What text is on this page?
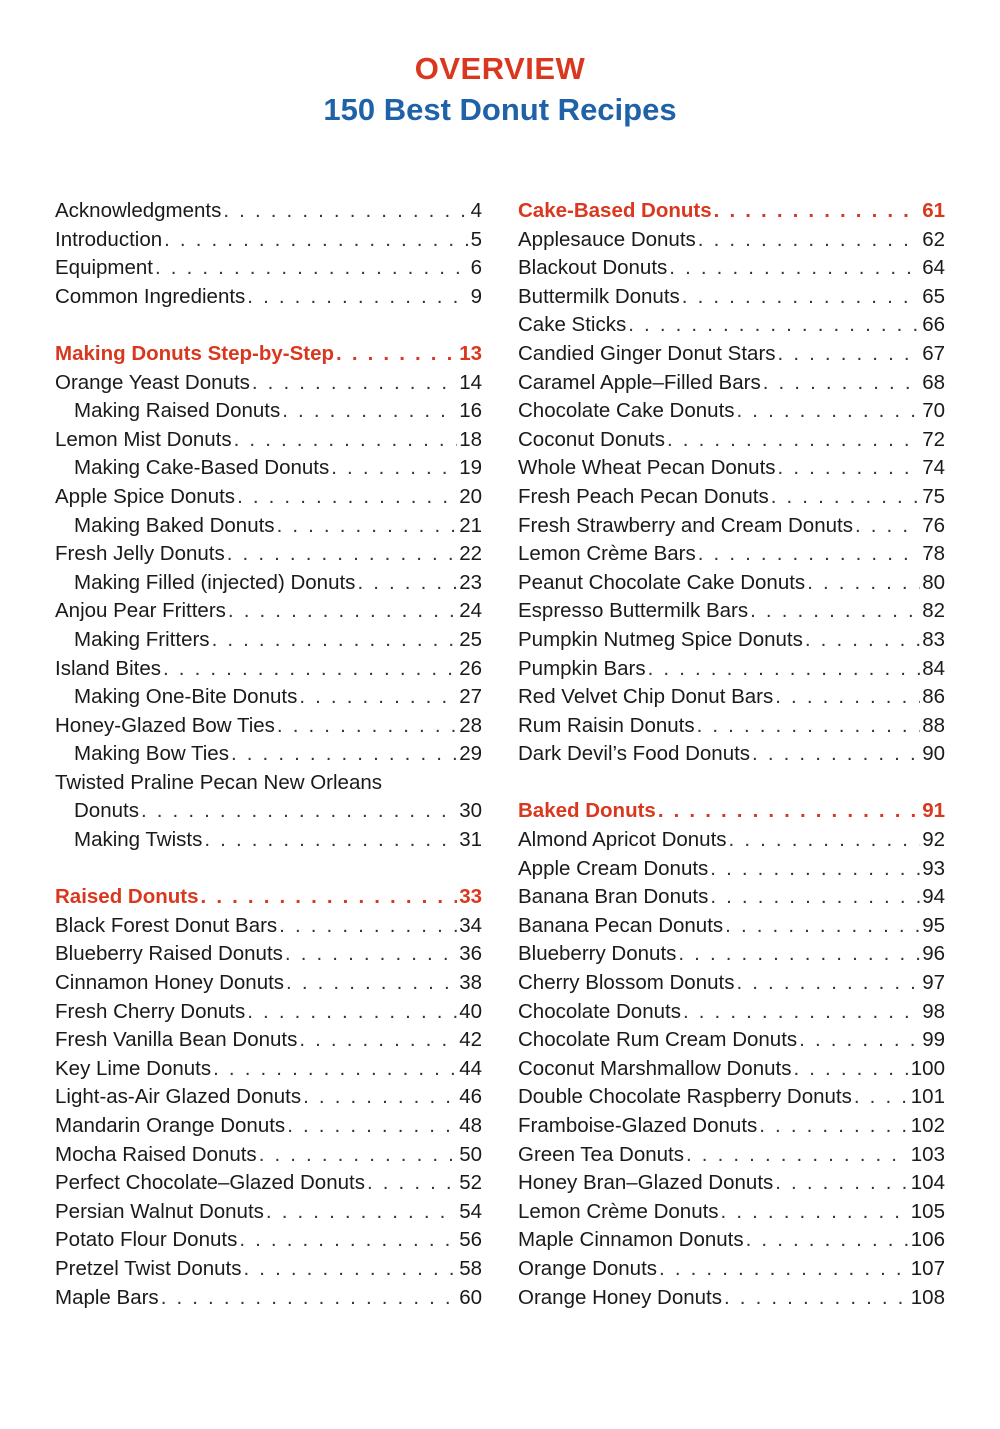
OVERVIEW
150 Best Donut Recipes
Acknowledgments . . .	4
Introduction . . .	5
Equipment . . .	6
Common Ingredients . . .	9
Making Donuts Step-by-Step . . .	13
Orange Yeast Donuts . . .	14
Making Raised Donuts . . .	16
Lemon Mist Donuts . . .	18
Making Cake-Based Donuts . . .	19
Apple Spice Donuts . . .	20
Making Baked Donuts . . .	21
Fresh Jelly Donuts . . .	22
Making Filled (injected) Donuts . . .	23
Anjou Pear Fritters . . .	24
Making Fritters . . .	25
Island Bites . . .	26
Making One-Bite Donuts . . .	27
Honey-Glazed Bow Ties . . .	28
Making Bow Ties . . .	29
Twisted Praline Pecan New Orleans
Donuts . . .	30
Making Twists . . .	31
Raised Donuts . . .	33
Black Forest Donut Bars . . .	34
Blueberry Raised Donuts . . .	36
Cinnamon Honey Donuts . . .	38
Fresh Cherry Donuts . . .	40
Fresh Vanilla Bean Donuts . . .	42
Key Lime Donuts . . .	44
Light-as-Air Glazed Donuts . . .	46
Mandarin Orange Donuts . . .	48
Mocha Raised Donuts . . .	50
Perfect Chocolate–Glazed Donuts . . .	52
Persian Walnut Donuts . . .	54
Potato Flour Donuts . . .	56
Pretzel Twist Donuts . . .	58
Maple Bars . . .	60
Cake-Based Donuts . . .	61
Applesauce Donuts . . .	62
Blackout Donuts . . .	64
Buttermilk Donuts . . .	65
Cake Sticks . . .	66
Candied Ginger Donut Stars . . .	67
Caramel Apple–Filled Bars . . .	68
Chocolate Cake Donuts . . .	70
Coconut Donuts . . .	72
Whole Wheat Pecan Donuts . . .	74
Fresh Peach Pecan Donuts . . .	75
Fresh Strawberry and Cream Donuts . . .	76
Lemon Crème Bars . . .	78
Peanut Chocolate Cake Donuts . . .	80
Espresso Buttermilk Bars . . .	82
Pumpkin Nutmeg Spice Donuts . . .	83
Pumpkin Bars . . .	84
Red Velvet Chip Donut Bars . . .	86
Rum Raisin Donuts . . .	88
Dark Devil’s Food Donuts . . .	90
Baked Donuts . . .	91
Almond Apricot Donuts . . .	92
Apple Cream Donuts . . .	93
Banana Bran Donuts . . .	94
Banana Pecan Donuts . . .	95
Blueberry Donuts . . .	96
Cherry Blossom Donuts . . .	97
Chocolate Donuts . . .	98
Chocolate Rum Cream Donuts . . .	99
Coconut Marshmallow Donuts . . .	100
Double Chocolate Raspberry Donuts . . .	101
Framboise-Glazed Donuts . . .	102
Green Tea Donuts . . .	103
Honey Bran–Glazed Donuts . . .	104
Lemon Crème Donuts . . .	105
Maple Cinnamon Donuts . . .	106
Orange Donuts . . .	107
Orange Honey Donuts . . .	108
